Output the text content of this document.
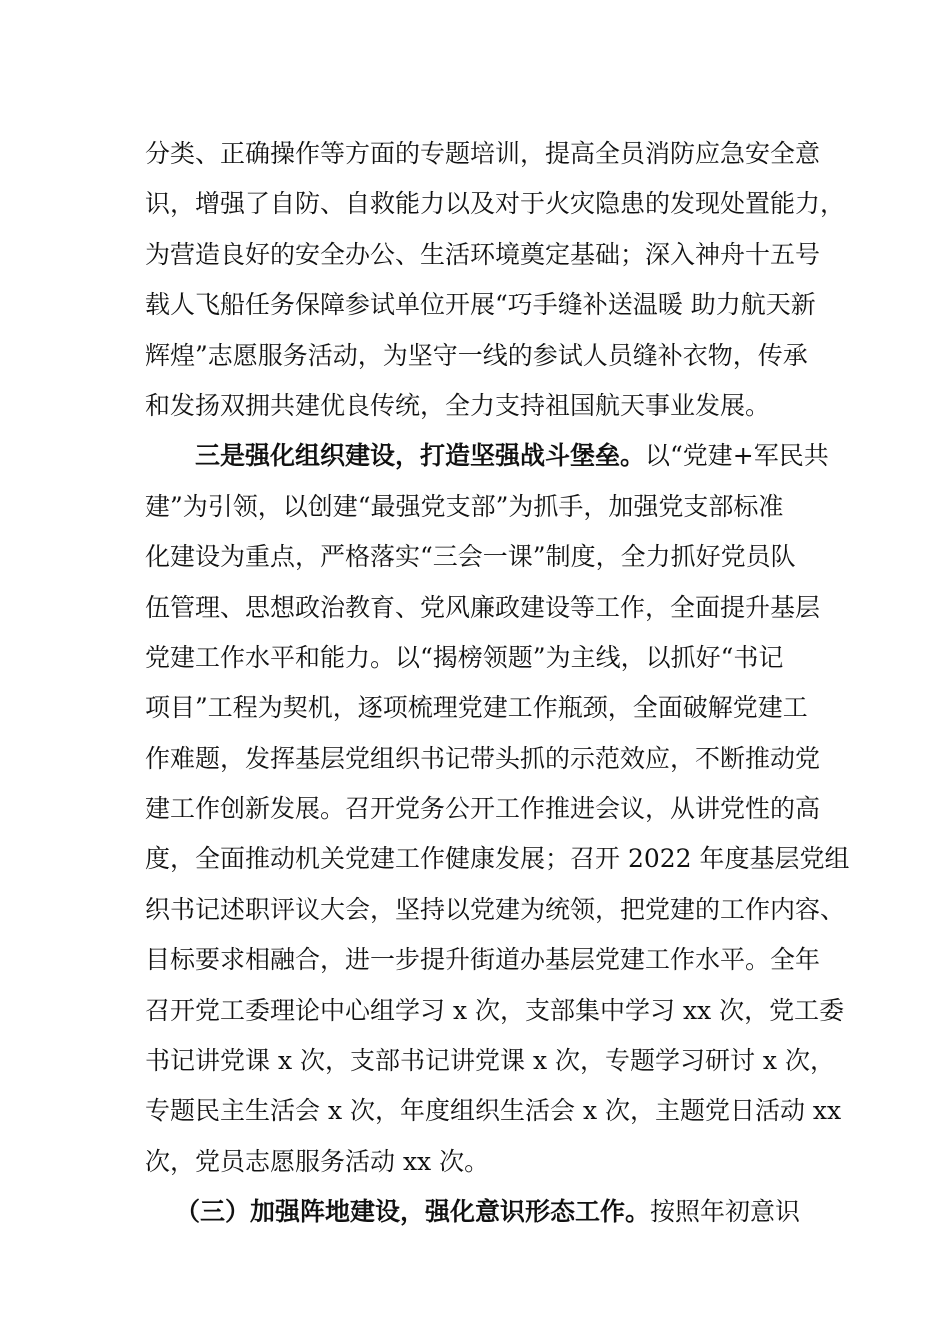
分类、正确操作等方面的专题培训，提高全员消防应急安全意
识，增强了自防、自救能力以及对于火灾隐患的发现处置能力，
为营造良好的安全办公、生活环境奠定基础；深入神舟十五号
载人飞船任务保障参试单位开展“巧手缝补送温暖 助力航天新
辉煌”志愿服务活动，为坚守一线的参试人员缝补衣物，传承
和发扬双拥共建优良传统，全力支持祖国航天事业发展。
三是强化组织建设，打造坚强战斗堡垒。以“党建+军民共
建”为引领，以创建“最强党支部”为抓手，加强党支部标准
化建设为重点，严格落实“三会一课”制度，全力抓好党员队
伍管理、思想政治教育、党风廉政建设等工作，全面提升基层
党建工作水平和能力。以“揭榜领题”为主线，以抓好“书记
项目”工程为契机，逐项梳理党建工作瓶颈，全面破解党建工
作难题，发挥基层党组织书记带头抓的示范效应，不断推动党
建工作创新发展。召开党务公开工作推进会议，从讲党性的高
度，全面推动机关党建工作健康发展；召开 2022 年度基层党组
织书记述职评议大会，坚持以党建为统领，把党建的工作内容、
目标要求相融合，进一步提升街道办基层党建工作水平。全年
召开党工委理论中心组学习 x 次，支部集中学习 xx 次，党工委
书记讲党课 x 次，支部书记讲党课 x 次，专题学习研讨 x 次，
专题民主生活会 x 次，年度组织生活会 x 次，主题党日活动 xx
次，党员志愿服务活动 xx 次。
（三）加强阵地建设，强化意识形态工作。按照年初意识
